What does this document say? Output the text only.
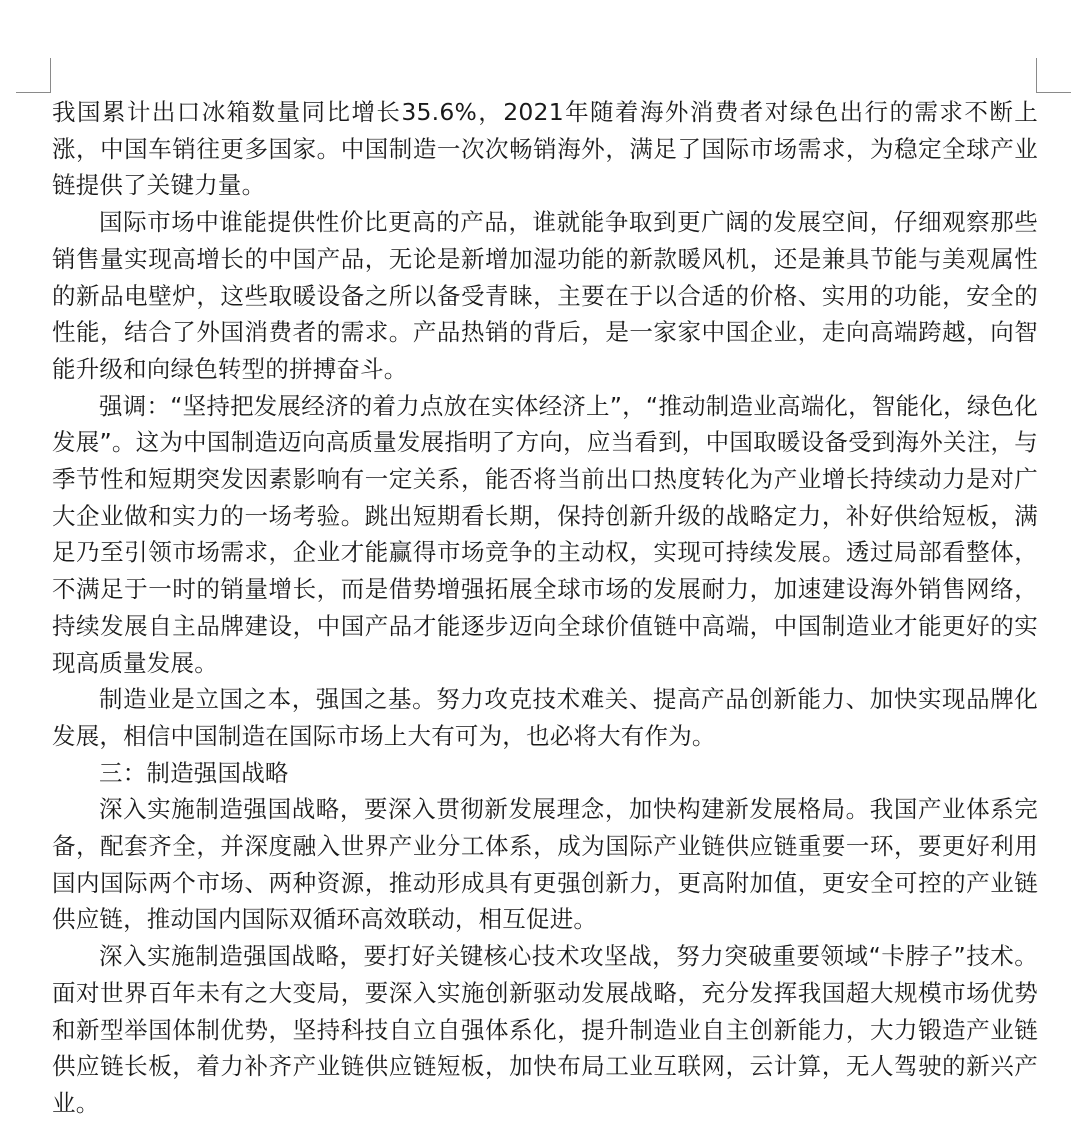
我国累计出口冰箱数量同比增长35.6%，2021年随着海外消费者对绿色出行的需求不断上涨，中国车销往更多国家。中国制造一次次畅销海外，满足了国际市场需求，为稳定全球产业链提供了关键力量。

国际市场中谁能提供性价比更高的产品，谁就能争取到更广阔的发展空间，仔细观察那些销售量实现高增长的中国产品，无论是新增加湿功能的新款暖风机，还是兼具节能与美观属性的新品电壁炉，这些取暖设备之所以备受青睐，主要在于以合适的价格、实用的功能，安全的性能，结合了外国消费者的需求。产品热销的背后，是一家家中国企业，走向高端跨越，向智能升级和向绿色转型的拼搏奋斗。

强调：“坚持把发展经济的着力点放在实体经济上”，“推动制造业高端化，智能化，绿色化发展”。这为中国制造迈向高质量发展指明了方向，应当看到，中国取暖设备受到海外关注，与季节性和短期突发因素影响有一定关系，能否将当前出口热度转化为产业增长持续动力是对广大企业做和实力的一场考验。跳出短期看长期，保持创新升级的战略定力，补好供给短板，满足乃至引领市场需求，企业才能赢得市场竞争的主动权，实现可持续发展。透过局部看整体，不满足于一时的销量增长，而是借势增强拓展全球市场的发展耐力，加速建设海外销售网络，持续发展自主品牌建设，中国产品才能逐步迈向全球价值链中高端，中国制造业才能更好的实现高质量发展。

制造业是立国之本，强国之基。努力攻克技术难关、提高产品创新能力、加快实现品牌化发展，相信中国制造在国际市场上大有可为，也必将大有作为。

三：制造强国战略

深入实施制造强国战略，要深入贯彻新发展理念，加快构建新发展格局。我国产业体系完备，配套齐全，并深度融入世界产业分工体系，成为国际产业链供应链重要一环，要更好利用国内国际两个市场、两种资源，推动形成具有更强创新力，更高附加值，更安全可控的产业链供应链，推动国内国际双循环高效联动，相互促进。

深入实施制造强国战略，要打好关键核心技术攻坚战，努力突破重要领域“卡脖子”技术。面对世界百年未有之大变局，要深入实施创新驱动发展战略，充分发挥我国超大规模市场优势和新型举国体制优势，坚持科技自立自强体系化，提升制造业自主创新能力，大力锻造产业链供应链长板，着力补齐产业链供应链短板，加快布局工业互联网，云计算，无人驾驶的新兴产业。
